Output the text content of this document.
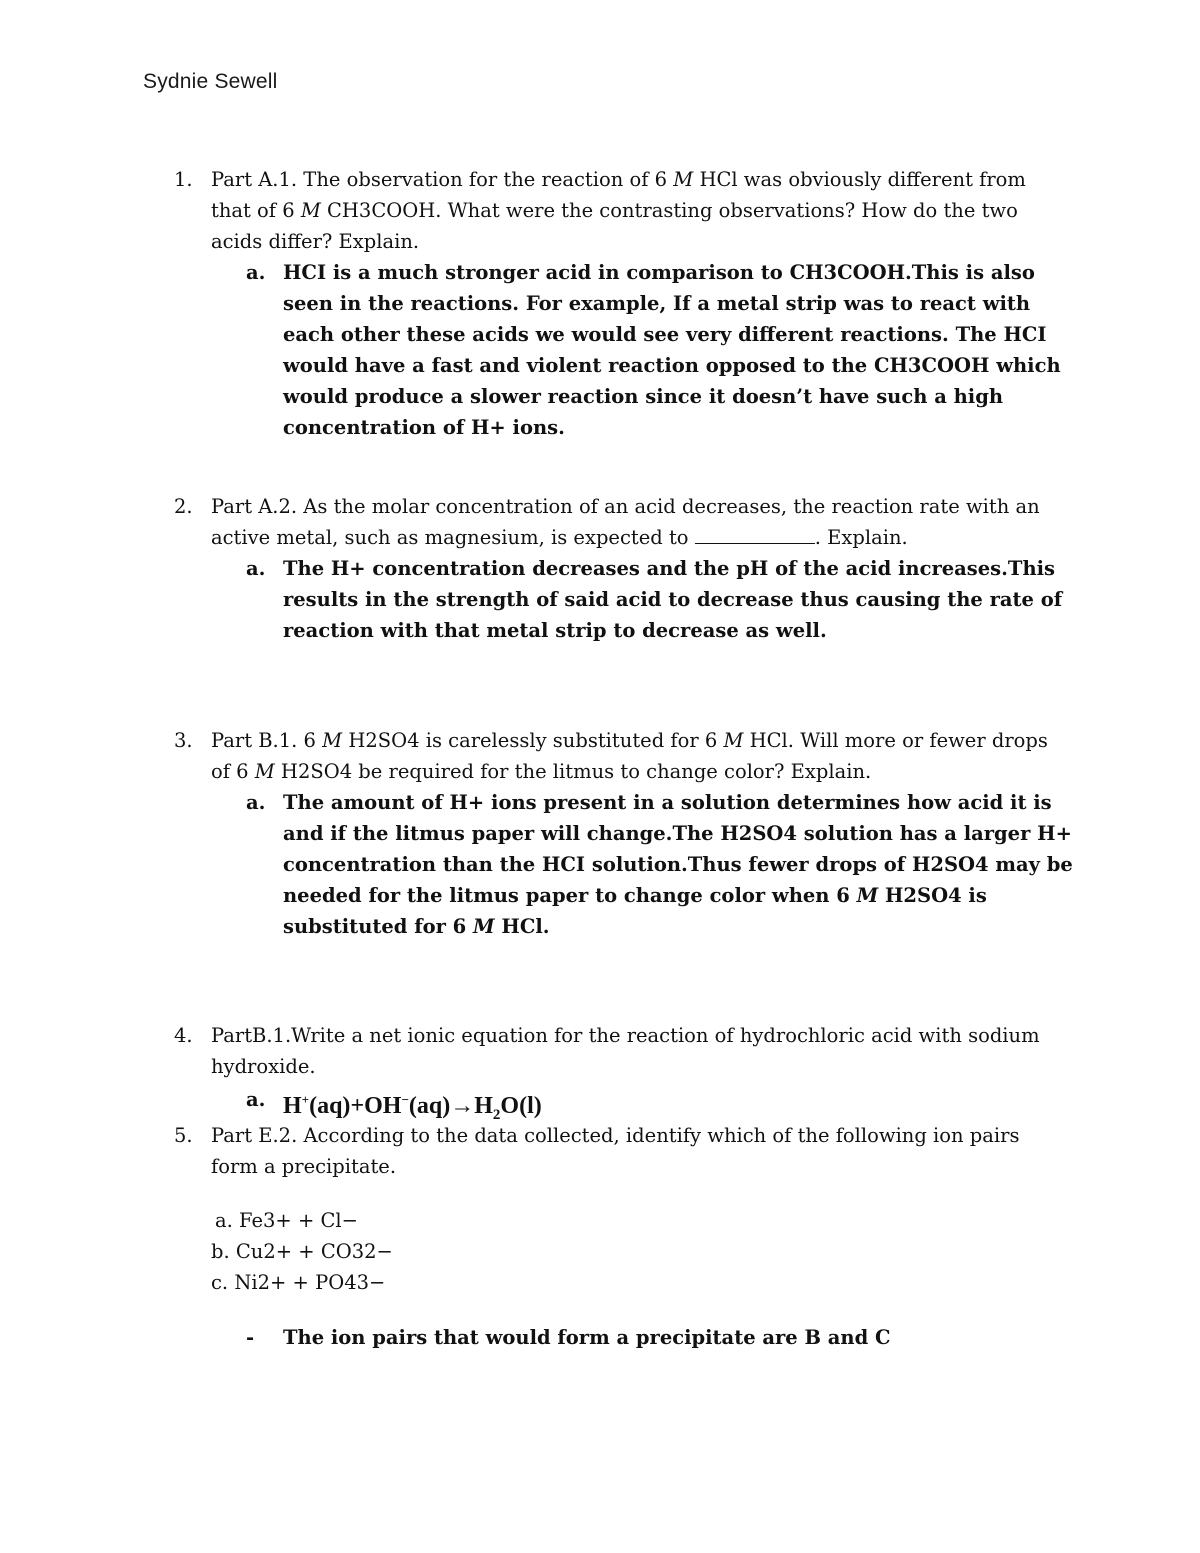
Sydnie Sewell
1. Part A.1. The observation for the reaction of 6 M HCl was obviously different from that of 6 M CH3COOH. What were the contrasting observations? How do the two acids differ? Explain.
a. HCI is a much stronger acid in comparison to CH3COOH.This is also seen in the reactions. For example, If a metal strip was to react with each other these acids we would see very different reactions. The HCI would have a fast and violent reaction opposed to the CH3COOH which would produce a slower reaction since it doesn’t have such a high concentration of H+ ions.
2. Part A.2. As the molar concentration of an acid decreases, the reaction rate with an active metal, such as magnesium, is expected to	. Explain.
a. The H+ concentration decreases and the pH of the acid increases.This results in the strength of said acid to decrease thus causing the rate of reaction with that metal strip to decrease as well.
3. Part B.1. 6 M H2SO4 is carelessly substituted for 6 M HCl. Will more or fewer drops of 6 M H2SO4 be required for the litmus to change color? Explain.
a. The amount of H+ ions present in a solution determines how acid it is and if the litmus paper will change.The H2SO4 solution has a larger H+ concentration than the HCI solution.Thus fewer drops of H2SO4 may be needed for the litmus paper to change color when 6 M H2SO4 is substituted for 6 M HCl.
4. PartB.1.Write a net ionic equation for the reaction of hydrochloric acid with sodium hydroxide.
a. $H^+(aq)+OH^-(aq)\to H_2O(l)$
5. Part E.2. According to the data collected, identify which of the following ion pairs form a precipitate.
a. Fe3+ + Cl−
b. Cu2+ + CO32−
c. Ni2+ + PO43−
- The ion pairs that would form a precipitate are B and C
